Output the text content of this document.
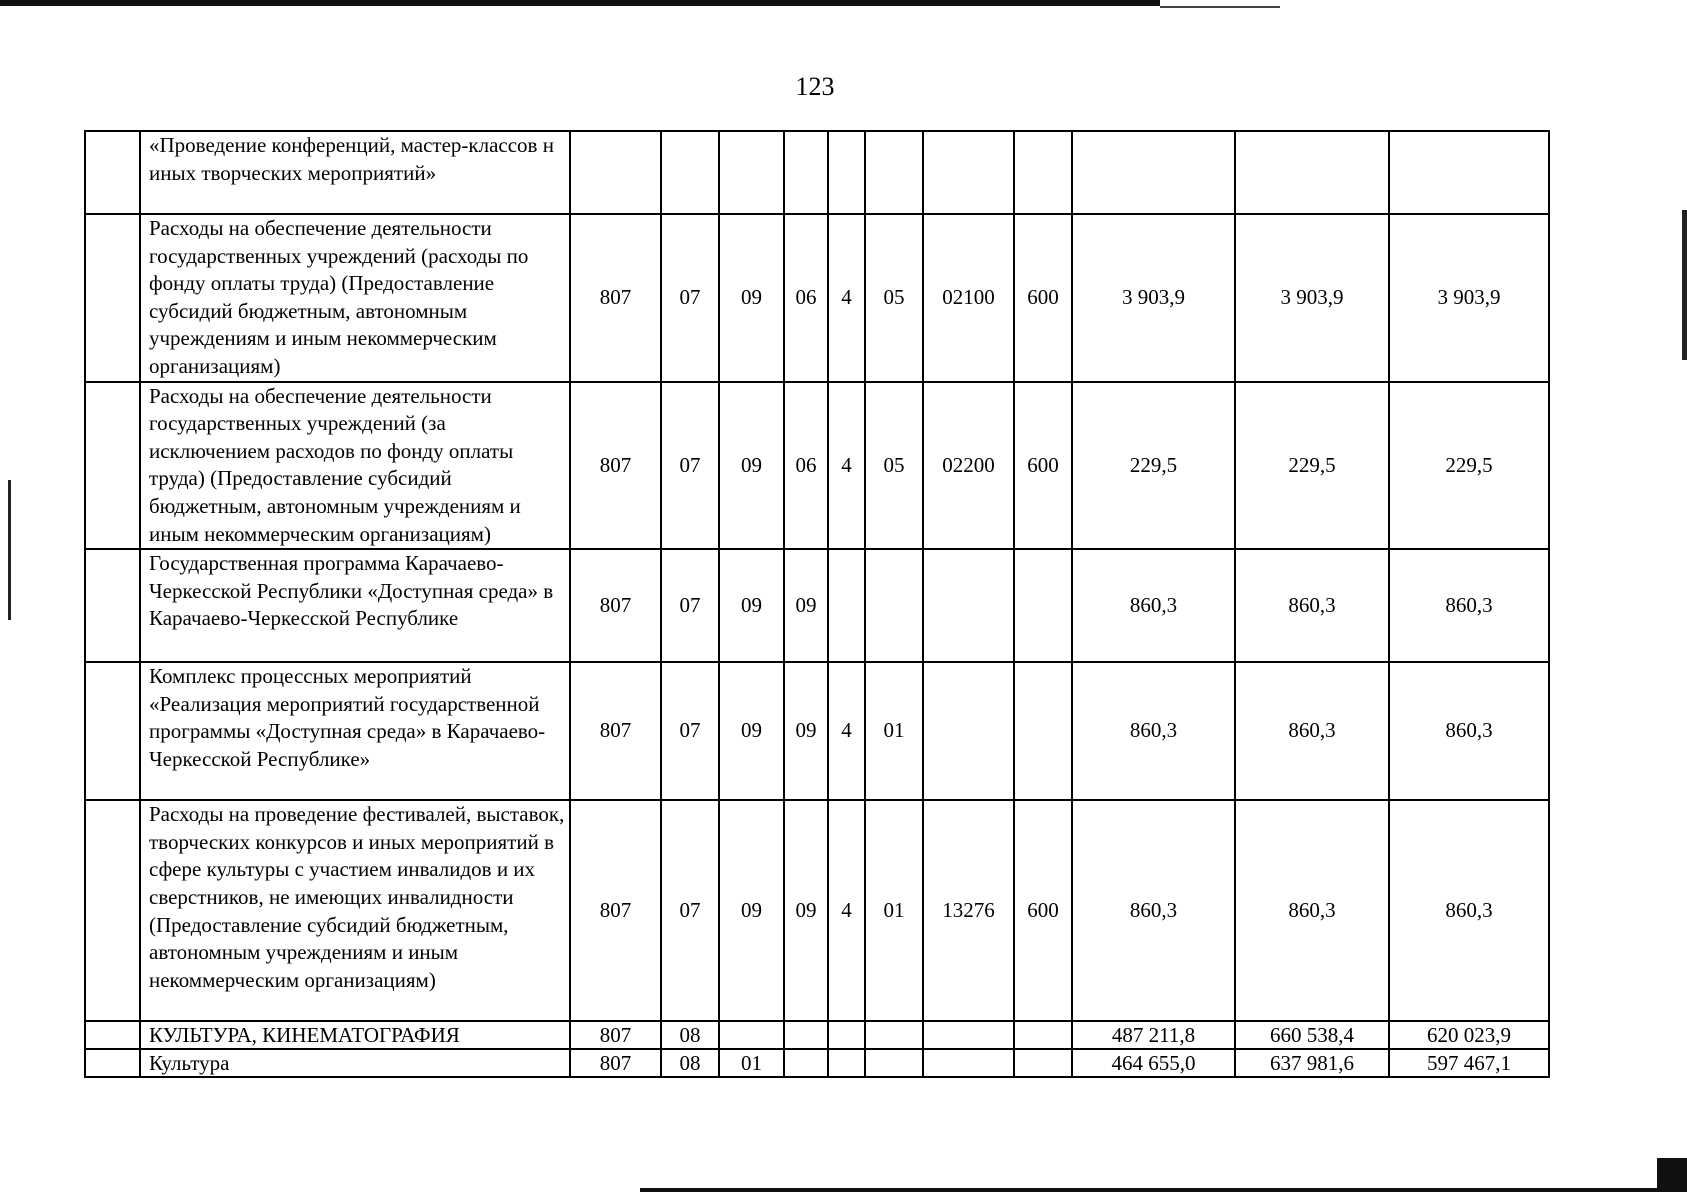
123
	«Проведение конференций, мастер-классов н иных творческих мероприятий»											
	Расходы на обеспечение деятельности государственных учреждений (расходы по фонду оплаты труда) (Предоставление субсидий бюджетным, автономным учреждениям и иным некоммерческим организациям)	807	07	09	06	4	05	02100	600	3 903,9	3 903,9	3 903,9
	Расходы на обеспечение деятельности государственных учреждений (за исключением расходов по фонду оплаты труда) (Предоставление субсидий бюджетным, автономным учреждениям и иным некоммерческим организациям)	807	07	09	06	4	05	02200	600	229,5	229,5	229,5
	Государственная программа Карачаево-Черкесской Республики «Доступная среда» в Карачаево-Черкесской Республике	807	07	09	09					860,3	860,3	860,3
	Комплекс процессных мероприятий «Реализация мероприятий государственной программы «Доступная среда» в Карачаево-Черкесской Республике»	807	07	09	09	4	01			860,3	860,3	860,3
	Расходы на проведение фестивалей, выставок, творческих конкурсов и иных мероприятий в сфере культуры с участием инвалидов и их сверстников, не имеющих инвалидности (Предоставление субсидий бюджетным, автономным учреждениям и иным некоммерческим организациям)	807	07	09	09	4	01	13276	600	860,3	860,3	860,3
	КУЛЬТУРА, КИНЕМАТОГРАФИЯ	807	08							487 211,8	660 538,4	620 023,9
	Культура	807	08	01						464 655,0	637 981,6	597 467,1
